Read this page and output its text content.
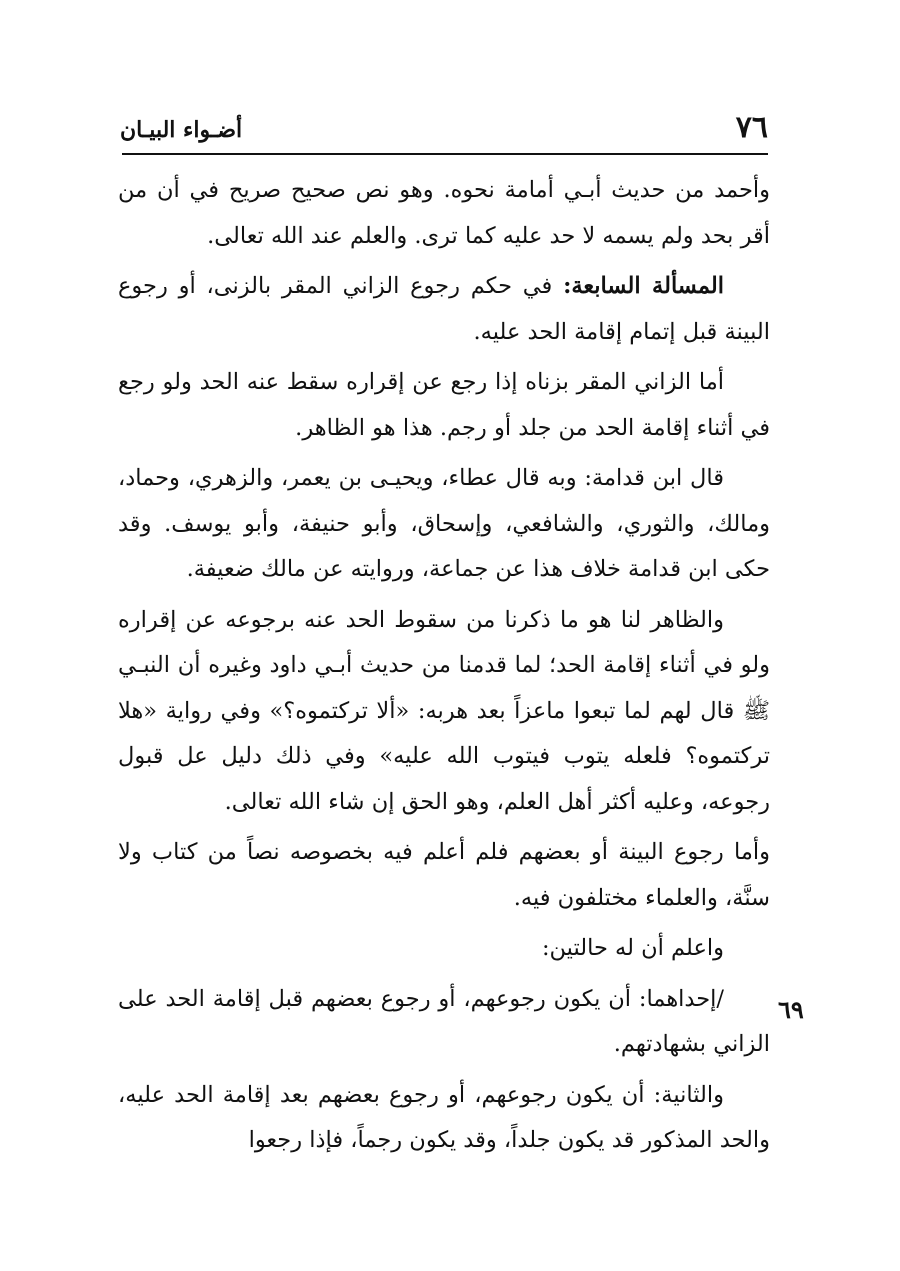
٧٦
أضـواء البيـان

وأحمد من حديث أبـي أمامة نحوه. وهو نص صحيح صريح في أن من أقر بحد ولم يسمه لا حد عليه كما ترى. والعلم عند الله تعالى.

المسألة السابعة: في حكم رجوع الزاني المقر بالزنى، أو رجوع البينة قبل إتمام إقامة الحد عليه.

أما الزاني المقر بزناه إذا رجع عن إقراره سقط عنه الحد ولو رجع في أثناء إقامة الحد من جلد أو رجم. هذا هو الظاهر.

قال ابن قدامة: وبه قال عطاء، ويحيـى بن يعمر، والزهري، وحماد، ومالك، والثوري، والشافعي، وإسحاق، وأبو حنيفة، وأبو يوسف. وقد حكى ابن قدامة خلاف هذا عن جماعة، وروايته عن مالك ضعيفة.

والظاهر لنا هو ما ذكرنا من سقوط الحد عنه برجوعه عن إقراره ولو في أثناء إقامة الحد؛ لما قدمنا من حديث أبـي داود وغيره أن النبـي ﷺ قال لهم لما تبعوا ماعزاً بعد هربه: «ألا تركتموه؟» وفي رواية «هلا تركتموه؟ فلعله يتوب فيتوب الله عليه» وفي ذلك دليل عل قبول رجوعه، وعليه أكثر أهل العلم، وهو الحق إن شاء الله تعالى.

وأما رجوع البينة أو بعضهم فلم أعلم فيه بخصوصه نصاً من كتاب ولا سنَّة، والعلماء مختلفون فيه.

واعلم أن له حالتين:

/إحداهما: أن يكون رجوعهم، أو رجوع بعضهم قبل إقامة الحد على الزاني بشهادتهم.

والثانية: أن يكون رجوعهم، أو رجوع بعضهم بعد إقامة الحد عليه، والحد المذكور قد يكون جلداً، وقد يكون رجماً، فإذا رجعوا

٦٩
